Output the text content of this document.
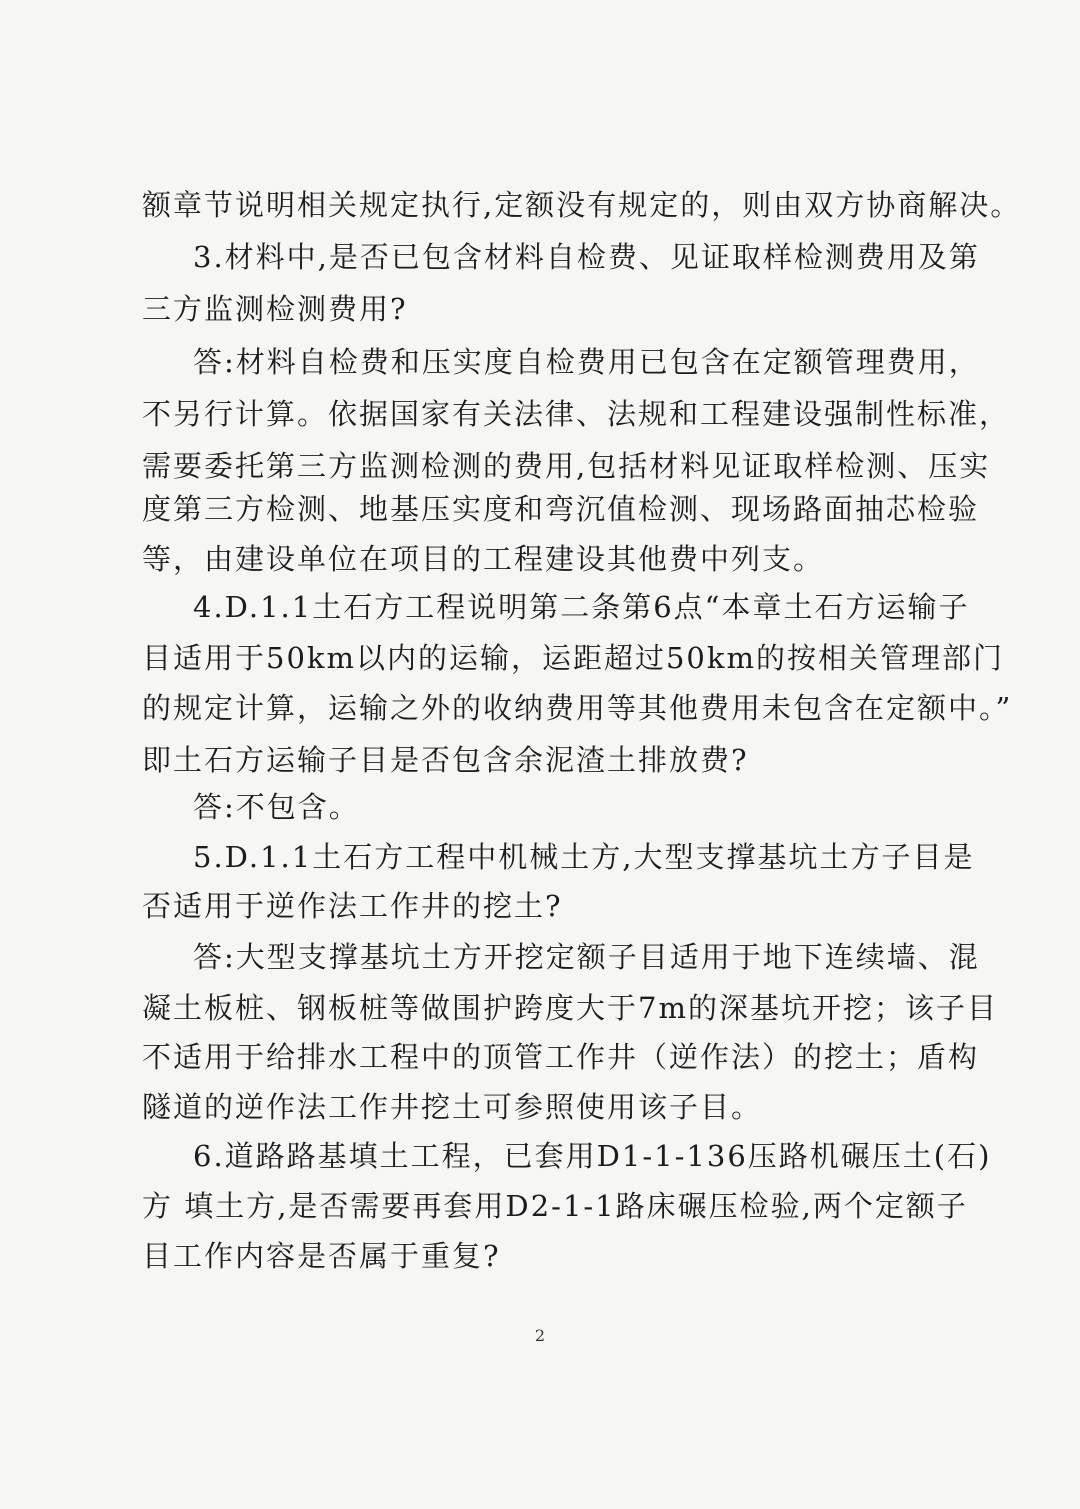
额章节说明相关规定执行,定额没有规定的，则由双方协商解决。
3.材料中,是否已包含材料自检费、见证取样检测费用及第
三方监测检测费用?
答:材料自检费和压实度自检费用已包含在定额管理费用，
不另行计算。依据国家有关法律、法规和工程建设强制性标准，
需要委托第三方监测检测的费用,包括材料见证取样检测、压实
度第三方检测、地基压实度和弯沉值检测、现场路面抽芯检验
等，由建设单位在项目的工程建设其他费中列支。
4.D.1.1土石方工程说明第二条第6点“本章土石方运输子
目适用于50km以内的运输，运距超过50km的按相关管理部门
的规定计算，运输之外的收纳费用等其他费用未包含在定额中。”
即土石方运输子目是否包含余泥渣土排放费?
答:不包含。
5.D.1.1土石方工程中机械土方,大型支撑基坑土方子目是
否适用于逆作法工作井的挖土?
答:大型支撑基坑土方开挖定额子目适用于地下连续墙、混
凝土板桩、钢板桩等做围护跨度大于7m的深基坑开挖；该子目
不适用于给排水工程中的顶管工作井（逆作法）的挖土；盾构
隧道的逆作法工作井挖土可参照使用该子目。
6.道路路基填土工程，已套用D1-1-136压路机碾压土(石)
方 填土方,是否需要再套用D2-1-1路床碾压检验,两个定额子
目工作内容是否属于重复?
2
